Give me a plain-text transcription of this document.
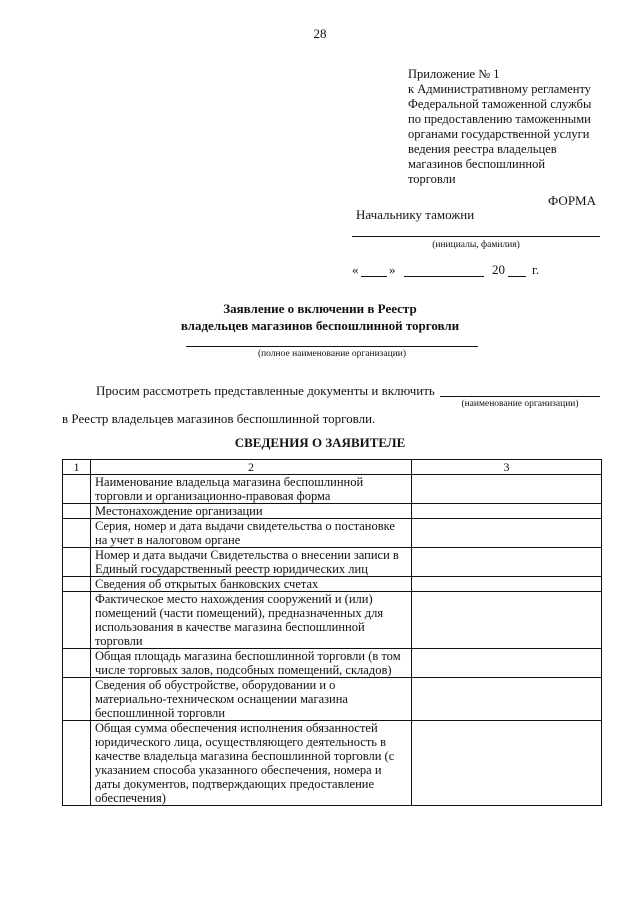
28
Приложение № 1
к Административному регламенту
Федеральной таможенной службы
по предоставлению таможенными
органами государственной услуги
ведения реестра владельцев
магазинов беспошлинной
торговли
ФОРМА
Начальнику таможни
(инициалы, фамилия)
« »	20 г.
Заявление о включении в Реестр
владельцев магазинов беспошлинной торговли
(полное наименование организации)
Просим рассмотреть представленные документы и включить
(наименование организации)
в Реестр владельцев магазинов беспошлинной торговли.
СВЕДЕНИЯ О ЗАЯВИТЕЛЕ
1	2	3
	Наименование владельца магазина беспошлинной торговли и организационно-правовая форма	
	Местонахождение организации	
	Серия, номер и дата выдачи свидетельства о постановке на учет в налоговом органе	
	Номер и дата выдачи Свидетельства о внесении записи в Единый государственный реестр юридических лиц	
	Сведения об открытых банковских счетах	
	Фактическое место нахождения сооружений и (или) помещений (части помещений), предназначенных для использования в качестве магазина беспошлинной торговли	
	Общая площадь магазина беспошлинной торговли (в том числе торговых залов, подсобных помещений, складов)	
	Сведения об обустройстве, оборудовании и о материально-техническом оснащении магазина беспошлинной торговли	
	Общая сумма обеспечения исполнения обязанностей юридического лица, осуществляющего деятельность в качестве владельца магазина беспошлинной торговли (с указанием способа указанного обеспечения, номера и даты документов, подтверждающих предоставление обеспечения)	
